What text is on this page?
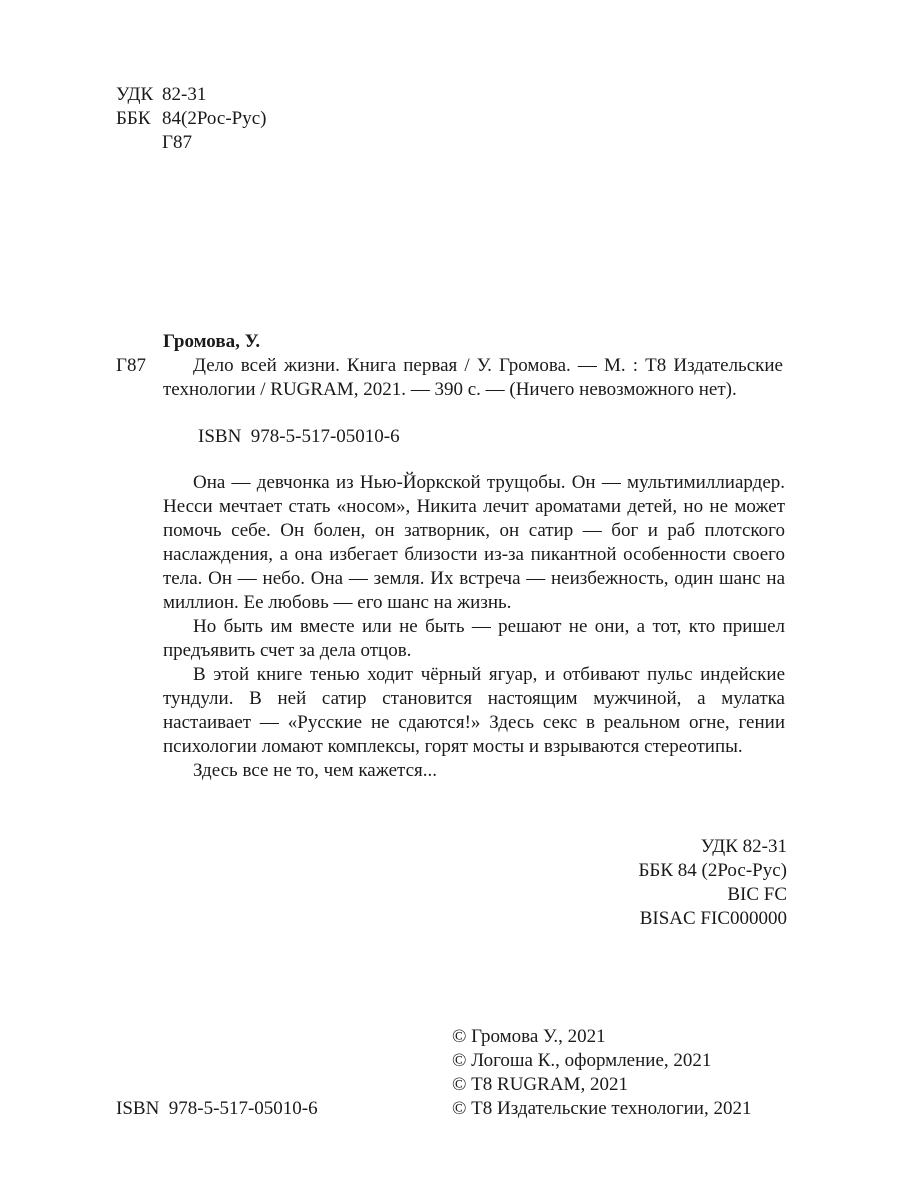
УДК 82-31
ББК 84(2Рос-Рус)
Г87
Громова, У.
Г87	Дело всей жизни. Книга первая / У. Громова. — М. : Т8 Издательские
технологии / RUGRAM, 2021. — 390 с. — (Ничего невозможного нет).
ISBN  978-5-517-05010-6

Она — девчонка из Нью-Йоркской трущобы. Он — мультимиллиардер. Несси мечтает стать «носом», Никита лечит ароматами детей, но не может помочь себе. Он болен, он затворник, он сатир — бог и раб плотского наслаждения, а она избегает близости из-за пикантной особенности своего тела. Он — небо. Она — земля. Их встреча — неизбежность, один шанс на миллион. Ее любовь — его шанс на жизнь.

Но быть им вместе или не быть — решают не они, а тот, кто пришел предъявить счет за дела отцов.

В этой книге тенью ходит чёрный ягуар, и отбивают пульс индейские тундули. В ней сатир становится настоящим мужчиной, а мулатка настаивает — «Русские не сдаются!» Здесь секс в реальном огне, гении психологии ломают комплексы, горят мосты и взрываются стереотипы.

Здесь все не то, чем кажется...

УДК 82-31
ББК 84 (2Рос-Рус)
BIC FC
BISAC FIC000000
© Громова У., 2021
© Логоша К., оформление, 2021
© Т8 RUGRAM, 2021
© Т8 Издательские технологии, 2021
ISBN  978-5-517-05010-6
